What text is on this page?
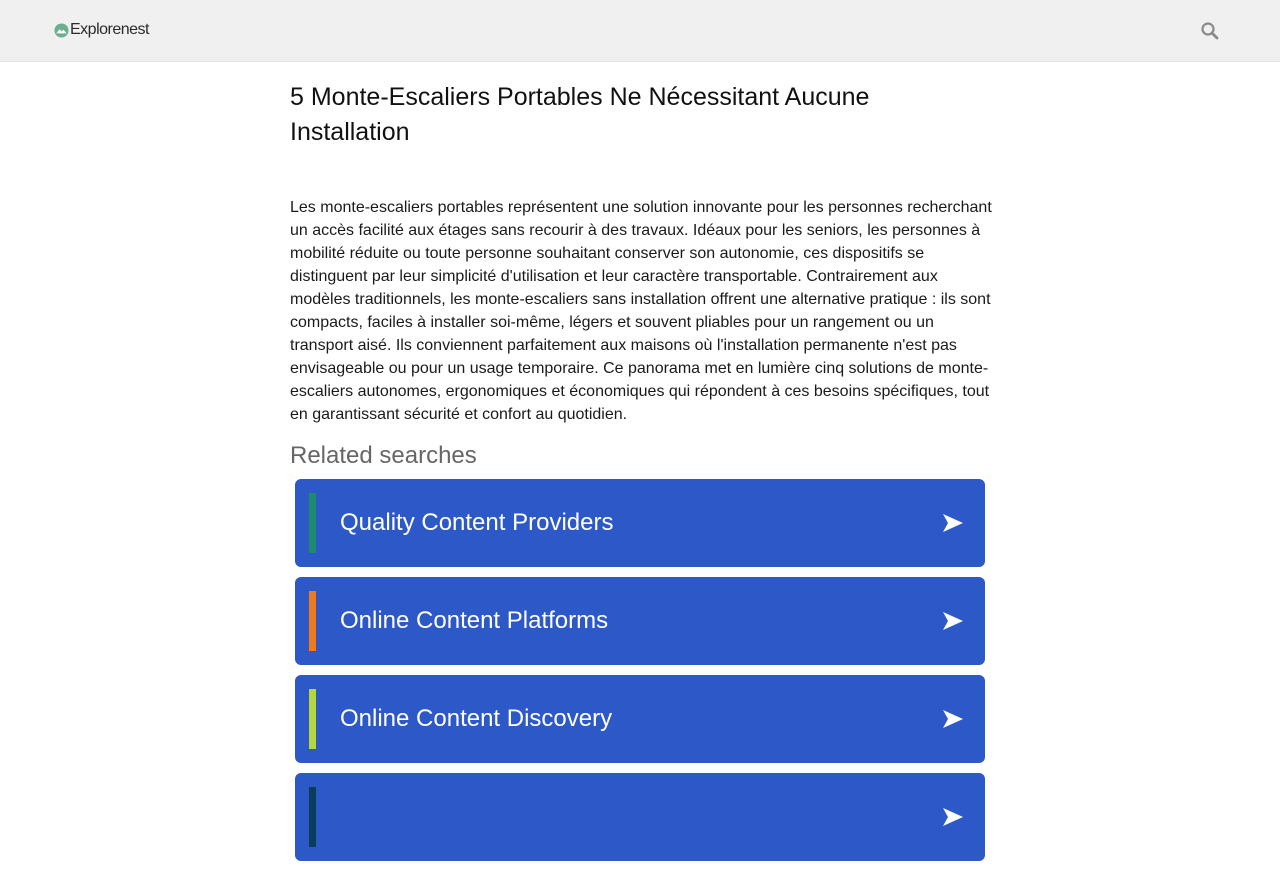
Explorenest
5 Monte-Escaliers Portables Ne Nécessitant Aucune Installation

Les monte-escaliers portables représentent une solution innovante pour les personnes recherchant un accès facilité aux étages sans recourir à des travaux. Idéaux pour les seniors, les personnes à mobilité réduite ou toute personne souhaitant conserver son autonomie, ces dispositifs se distinguent par leur simplicité d'utilisation et leur caractère transportable. Contrairement aux modèles traditionnels, les monte-escaliers sans installation offrent une alternative pratique : ils sont compacts, faciles à installer soi-même, légers et souvent pliables pour un rangement ou un transport aisé. Ils conviennent parfaitement aux maisons où l'installation permanente n'est pas envisageable ou pour un usage temporaire. Ce panorama met en lumière cinq solutions de monte-escaliers autonomes, ergonomiques et économiques qui répondent à ces besoins spécifiques, tout en garantissant sécurité et confort au quotidien.

Related searches
Quality Content Providers
Online Content Platforms
Online Content Discovery
